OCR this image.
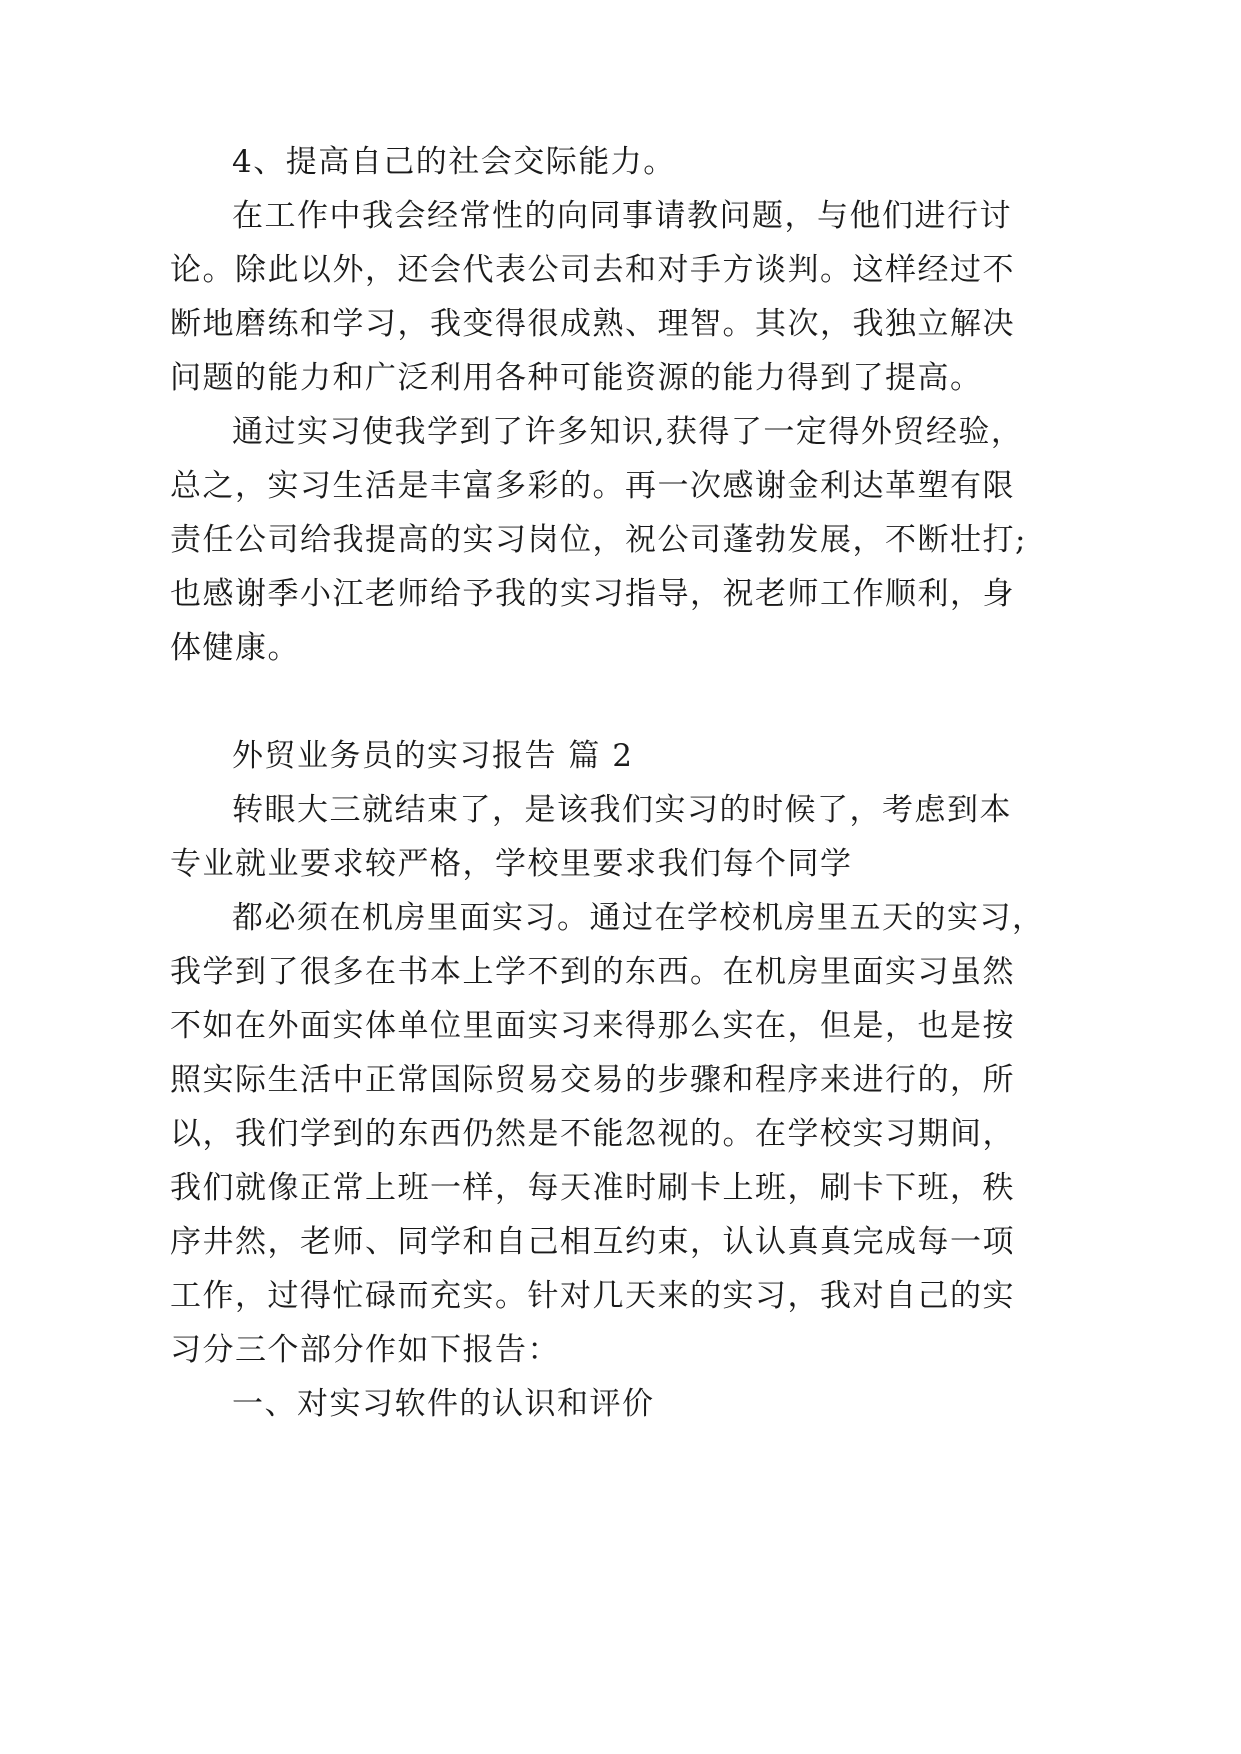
4、提高自己的社会交际能力。

在工作中我会经常性的向同事请教问题，与他们进行讨

论。除此以外，还会代表公司去和对手方谈判。这样经过不

断地磨练和学习，我变得很成熟、理智。其次，我独立解决

问题的能力和广泛利用各种可能资源的能力得到了提高。

通过实习使我学到了许多知识,获得了一定得外贸经验，

总之，实习生活是丰富多彩的。再一次感谢金利达革塑有限

责任公司给我提高的实习岗位，祝公司蓬勃发展，不断壮打;

也感谢季小江老师给予我的实习指导，祝老师工作顺利，身

体健康。

外贸业务员的实习报告 篇 2

转眼大三就结束了，是该我们实习的时候了，考虑到本

专业就业要求较严格，学校里要求我们每个同学

都必须在机房里面实习。通过在学校机房里五天的实习，

我学到了很多在书本上学不到的东西。在机房里面实习虽然

不如在外面实体单位里面实习来得那么实在，但是，也是按

照实际生活中正常国际贸易交易的步骤和程序来进行的，所

以，我们学到的东西仍然是不能忽视的。在学校实习期间，

我们就像正常上班一样，每天准时刷卡上班，刷卡下班，秩

序井然，老师、同学和自己相互约束，认认真真完成每一项

工作，过得忙碌而充实。针对几天来的实习，我对自己的实

习分三个部分作如下报告：

一、对实习软件的认识和评价
